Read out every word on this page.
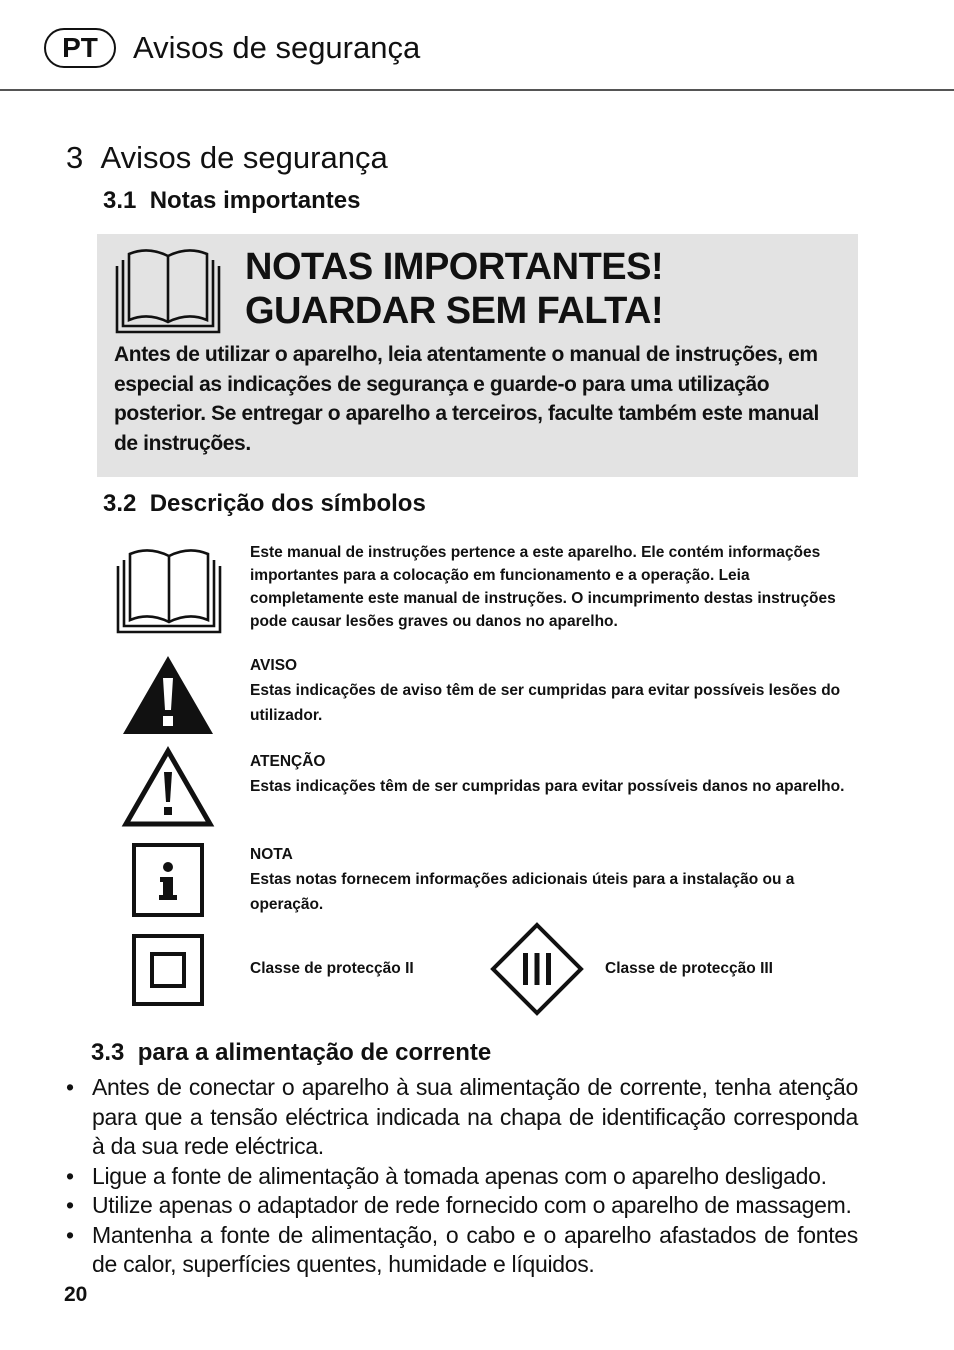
PT	Avisos de segurança
3 Avisos de segurança
3.1 Notas importantes
NOTAS IMPORTANTES!
GUARDAR SEM FALTA!
Antes de utilizar o aparelho, leia atentamente o manual de instruções, em especial as indicações de segurança e guarde-o para uma utilização posterior. Se entregar o aparelho a terceiros, faculte também este manual de instruções.
3.2 Descrição dos símbolos
Este manual de instruções pertence a este aparelho. Ele contém informações importantes para a colocação em funcionamento e a operação. Leia completamente este manual de instruções. O incumprimento destas instruções pode causar lesões graves ou danos no aparelho.
AVISO
Estas indicações de aviso têm de ser cumpridas para evitar possíveis lesões do utilizador.
ATENÇÃO
Estas indicações têm de ser cumpridas para evitar possíveis danos no aparelho.
NOTA
Estas notas fornecem informações adicionais úteis para a instalação ou a operação.
Classe de protecção II	Classe de protecção III
3.3 para a alimentação de corrente
• Antes de conectar o aparelho à sua alimentação de corrente, tenha atenção para que a tensão eléctrica indicada na chapa de identificação corresponda à da sua rede eléctrica.
• Ligue a fonte de alimentação à tomada apenas com o aparelho desligado.
• Utilize apenas o adaptador de rede fornecido com o aparelho de massagem.
• Mantenha a fonte de alimentação, o cabo e o aparelho afastados de fontes de calor, superfícies quentes, humidade e líquidos.
20
